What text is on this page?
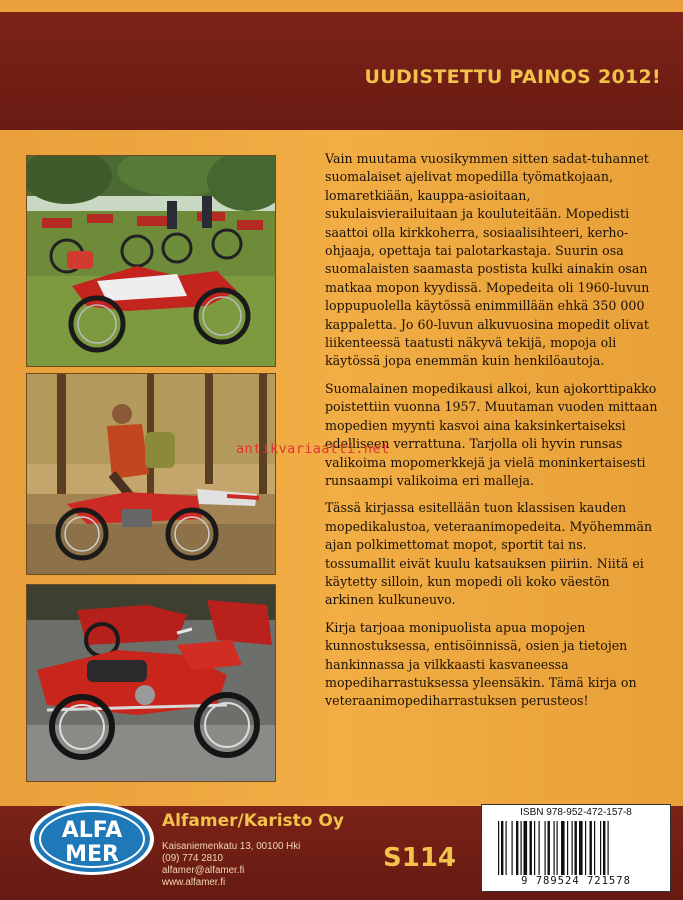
UUDISTETTU PAINOS 2012!

Vain muutama vuosikymmen sitten sadat-tuhannet suomalaiset ajelivat mopedilla työmatkojaan, lomaretkiään, kauppa-asioitaan, sukulaisvierailuitaan ja kouluteitään. Mopedisti saattoi olla kirkkoherra, sosiaalisihteeri, kerho-ohjaaja, opettaja tai palotarkastaja. Suurin osa suomalaisten saamasta postista kulki ainakin osan matkaa mopon kyydissä. Mopedeita oli 1960-luvun loppupuolella käytössä enimmillään ehkä 350 000 kappaletta. Jo 60-luvun alkuvuosina mopedit olivat liikenteessä taatusti näkyvä tekijä, mopoja oli käytössä jopa enemmän kuin henkilöautoja.

Suomalainen mopedikausi alkoi, kun ajokorttipakko poistettiin vuonna 1957. Muutaman vuoden mittaan mopedien myynti kasvoi aina kaksinkertaiseksi edelliseen verrattuna. Tarjolla oli hyvin runsas valikoima mopomerkkejä ja vielä moninkertaisesti runsaampi valikoima eri malleja.

Tässä kirjassa esitellään tuon klassisen kauden mopedikalustoa, veteraanimopedeita. Myöhemmän ajan polkimettomat mopot, sportit tai ns. tossumallit eivät kuulu katsauksen piiriin. Niitä ei käytetty silloin, kun mopedi oli koko väestön arkinen kulkuneuvo.

Kirja tarjoaa monipuolista apua mopojen kunnostuksessa, entisöinnissä, osien ja tietojen hankinnassa ja vilkkaasti kasvaneessa mopediharrastuksessa yleensäkin. Tämä kirja on veteraanimopediharrastuksen perusteos!

antikvariaatti.net
ALFA
MER
Alfamer/Karisto Oy
Kaisaniemenkatu 13, 00100 Hki
(09) 774 2810
alfamer@alfamer.fi
www.alfamer.fi
S114
ISBN 978-952-472-157-8
9 789524 721578
